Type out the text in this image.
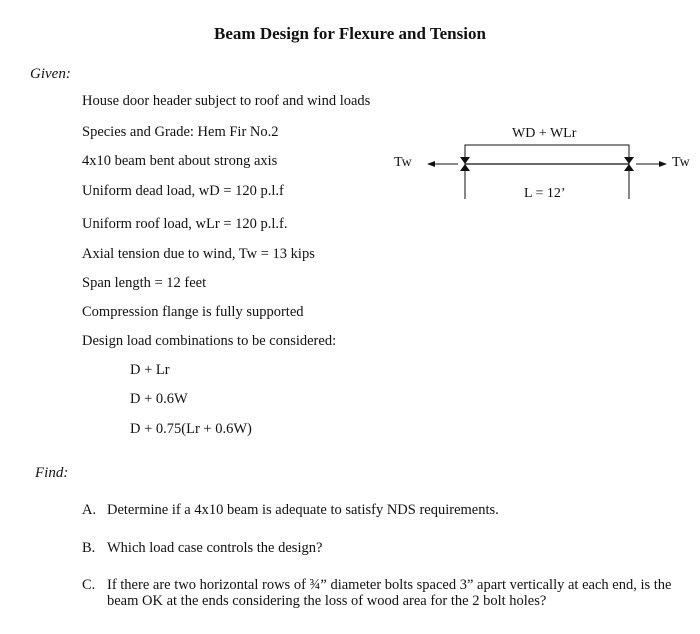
Beam Design for Flexure and Tension
Given:
House door header subject to roof and wind loads
Species and Grade: Hem Fir No.2
4x10 beam bent about strong axis
Uniform dead load, wD = 120 p.l.f
Uniform roof load, wLr = 120 p.l.f.
Axial tension due to wind, Tw = 13 kips
Span length = 12 feet
Compression flange is fully supported
Design load combinations to be considered:
D + Lr
D + 0.6W
D + 0.75(Lr + 0.6W)
WD + WLr
Tw	Tw
L = 12’
Find:
A. Determine if a 4x10 beam is adequate to satisfy NDS requirements.
B. Which load case controls the design?
C. If there are two horizontal rows of ¾” diameter bolts spaced 3” apart vertically at each end, is the beam OK at the ends considering the loss of wood area for the 2 bolt holes?
